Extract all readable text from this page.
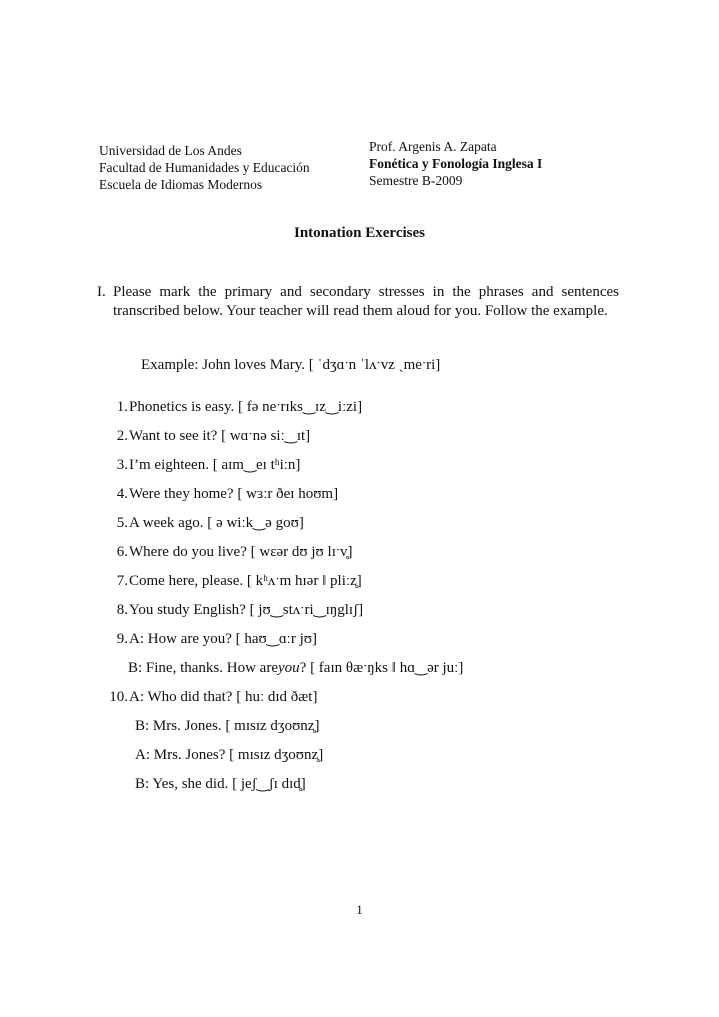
Universidad de Los Andes
Facultad de Humanidades y Educación
Escuela de Idiomas Modernos
Prof. Argenis A. Zapata
Fonética y Fonología Inglesa I
Semestre B-2009
Intonation Exercises
I. Please mark the primary and secondary stresses in the phrases and sentences transcribed below. Your teacher will read them aloud for you. Follow the example.
Example: John loves Mary. [ ˈdʒɑˑn ˈlʌˑvz ˎmeˑri]
1. Phonetics is easy. [ fə neˑrɪks‿ɪz‿iːzi]
2. Want to see it? [ wɑˑnə siː‿ɪt]
3. I’m eighteen. [ aɪm‿eɪ tʰiːn]
4. Were they home? [ wɜːr ðeɪ hoʊm]
5. A week ago. [ ə wiːk‿ə goʊ]
6. Where do you live? [ wɛər dʊ jʊ lɪˑv̥]
7. Come here, please. [ kʰʌˑm hɪər ǁ pliːz̥]
8. You study English? [ jʊ‿stʌˑri‿ɪŋglɪʃ]
9. A: How are you? [ haʊ‿ɑːr jʊ]
B: Fine, thanks. How are you ? [ faɪn θæˑŋks ǁ hɑ‿ər juː]
10. A: Who did that? [ huː dɪd ðæt]
B: Mrs. Jones. [ mɪsɪz dʒoʊnz̥]
A: Mrs. Jones? [ mɪsɪz dʒoʊnz̥]
B: Yes, she did. [ jeʃ‿ʃɪ dɪd̥]
1
